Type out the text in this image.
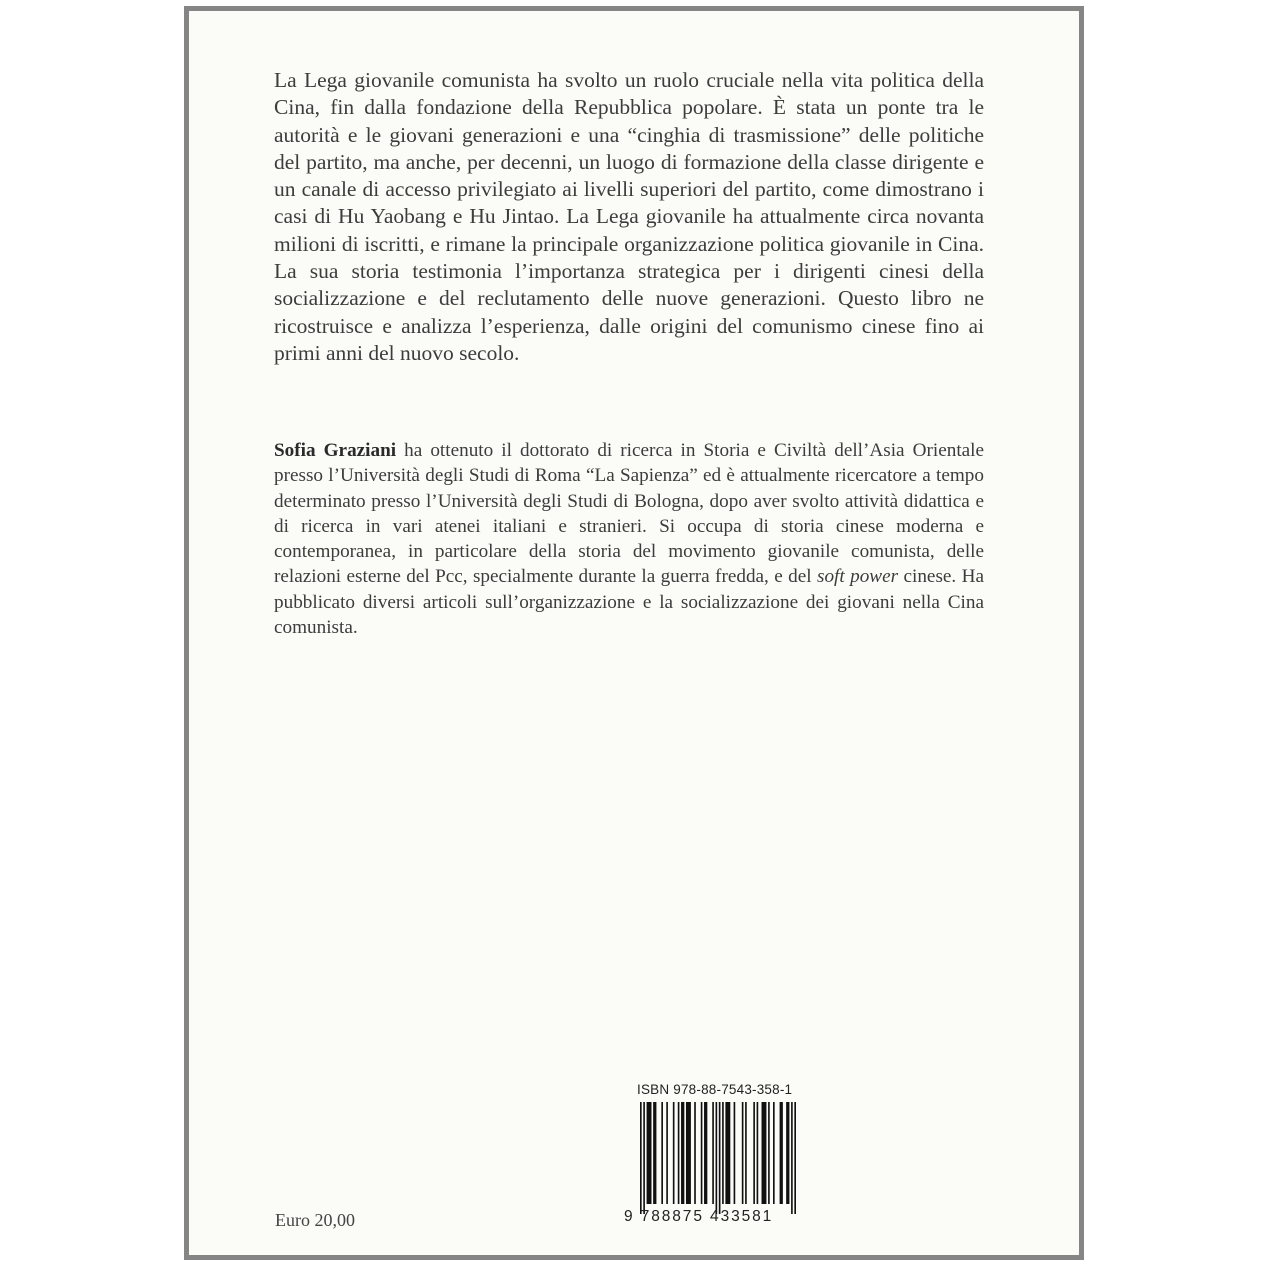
La Lega giovanile comunista ha svolto un ruolo cruciale nella vita politica della Cina, fin dalla fondazione della Repubblica popolare. È stata un ponte tra le autorità e le giovani generazioni e una “cinghia di trasmissione” delle politiche del partito, ma anche, per decenni, un luogo di formazione della classe dirigente e un canale di accesso privilegiato ai livelli superiori del partito, come dimostrano i casi di Hu Yaobang e Hu Jintao. La Lega giovanile ha attualmente circa novanta milioni di iscritti, e rimane la principale organizzazione politica giovanile in Cina. La sua storia testimonia l’importanza strategica per i dirigenti cinesi della socializzazione e del reclutamento delle nuove generazioni. Questo libro ne ricostruisce e analizza l’esperienza, dalle origini del comunismo cinese fino ai primi anni del nuovo secolo.

Sofia Graziani ha ottenuto il dottorato di ricerca in Storia e Civiltà dell’Asia Orientale presso l’Università degli Studi di Roma “La Sapienza” ed è attualmente ricercatore a tempo determinato presso l’Università degli Studi di Bologna, dopo aver svolto attività didattica e di ricerca in vari atenei italiani e stranieri. Si occupa di storia cinese moderna e contemporanea, in particolare della storia del movimento giovanile comunista, delle relazioni esterne del Pcc, specialmente durante la guerra fredda, e del soft power cinese. Ha pubblicato diversi articoli sull’organizzazione e la socializzazione dei giovani nella Cina comunista.

Euro 20,00
ISBN 978-88-7543-358-1
9 788875 433581
